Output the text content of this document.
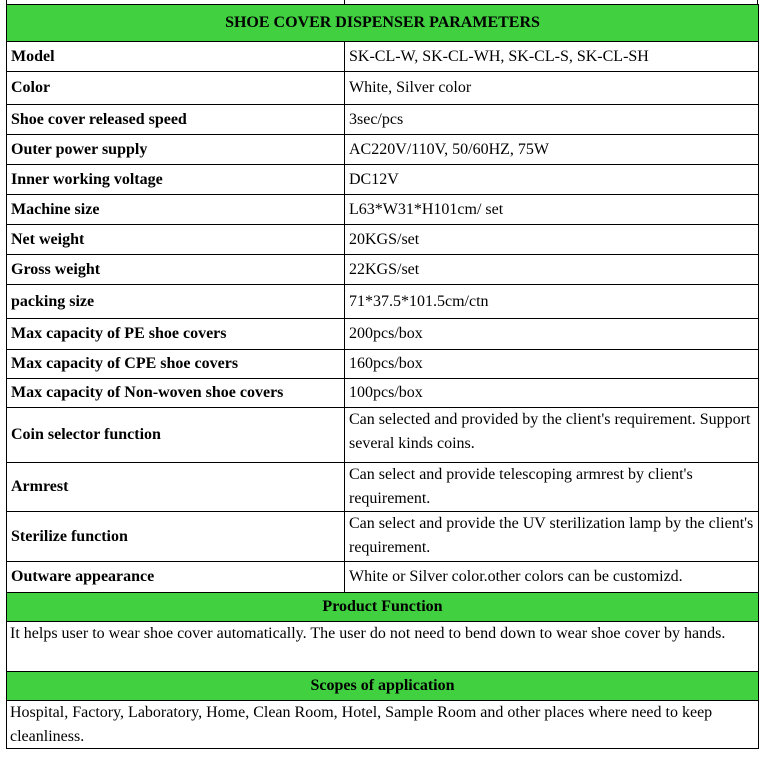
SHOE COVER DISPENSER PARAMETERS	
Model	SK-CL-W, SK-CL-WH, SK-CL-S, SK-CL-SH
Color	White, Silver color
Shoe cover released speed	3sec/pcs
Outer power supply	AC220V/110V, 50/60HZ, 75W
Inner working voltage	DC12V
Machine size	L63*W31*H101cm/ set
Net weight	20KGS/set
Gross weight	22KGS/set
packing size	71*37.5*101.5cm/ctn
Max capacity of PE shoe covers	200pcs/box
Max capacity of CPE shoe covers	160pcs/box
Max capacity of Non-woven shoe covers	100pcs/box
Coin selector function	Can selected and provided by the client's requirement. Support several kinds coins.
Armrest	Can select and provide telescoping armrest by client's requirement.
Sterilize function	Can select and provide the UV sterilization lamp by the client's requirement.
Outware appearance	White or Silver color.other colors can be customizd.
Product Function	

It helps user to wear shoe cover automatically. The user do not need to bend down to wear shoe cover by hands.	

Scopes of application	

Hospital, Factory, Laboratory, Home, Clean Room, Hotel, Sample Room and other places where need to keep cleanliness.	
